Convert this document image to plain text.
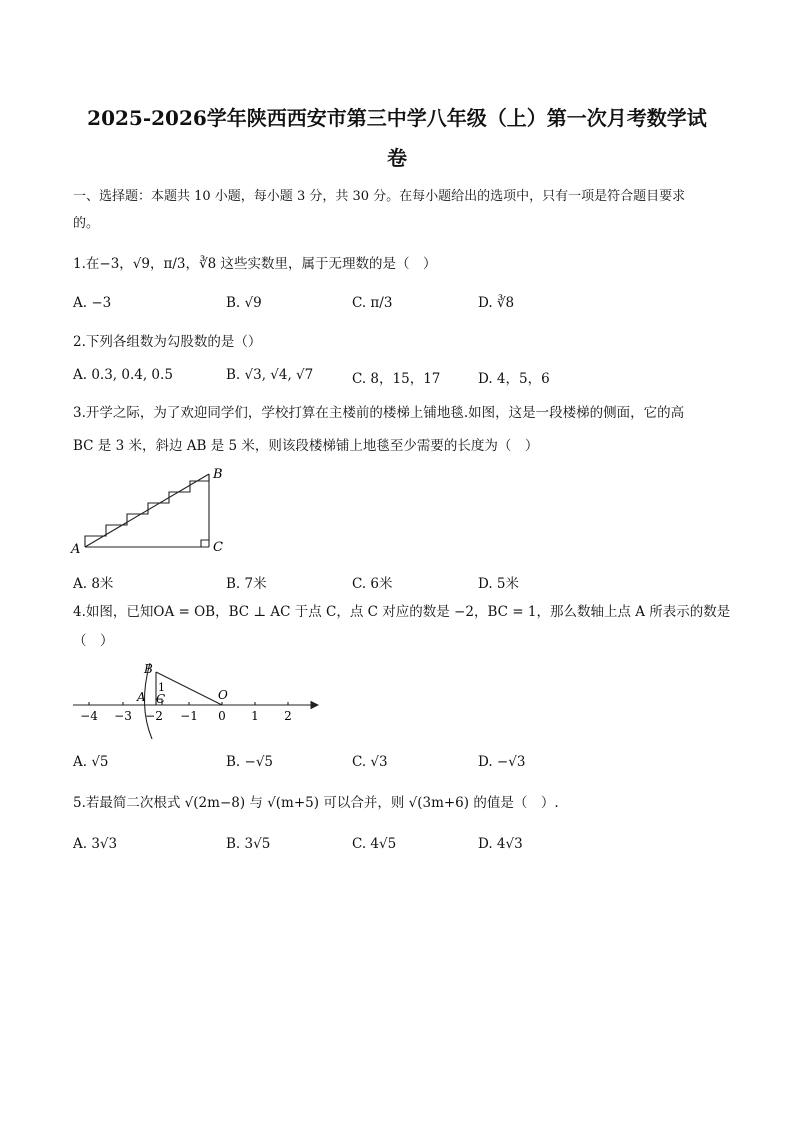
2025-2026学年陕西西安市第三中学八年级（上）第一次月考数学试
卷
一、选择题：本题共 10 小题，每小题 3 分，共 30 分。在每小题给出的选项中，只有一项是符合题目要求
的。
1.在−3，√9，π/3，∛8 这些实数里，属于无理数的是（　）
A. −3	B. √9	C. π/3	D. ∛8
2.下列各组数为勾股数的是（）
A. 0.3, 0.4, 0.5	B. √3, √4, √7	C. 8，15，17	D. 4，5，6
3.开学之际，为了欢迎同学们，学校打算在主楼前的楼梯上铺地毯.如图，这是一段楼梯的侧面，它的高
BC 是 3 米，斜边 AB 是 5 米，则该段楼梯铺上地毯至少需要的长度为（　）
A
B
C
A. 8米	B. 7米	C. 6米	D. 5米
4.如图，已知OA = OB，BC ⊥ AC 于点 C，点 C 对应的数是 −2，BC = 1，那么数轴上点 A 所表示的数是
（　）
B
A C
1
O
−4 −3 −2 −1 0 1 2
A. √5	B. −√5	C. √3	D. −√3
5.若最简二次根式 √(2m−8) 与 √(m+5) 可以合并，则 √(3m+6) 的值是（　）.
A. 3√3	B. 3√5	C. 4√5	D. 4√3
